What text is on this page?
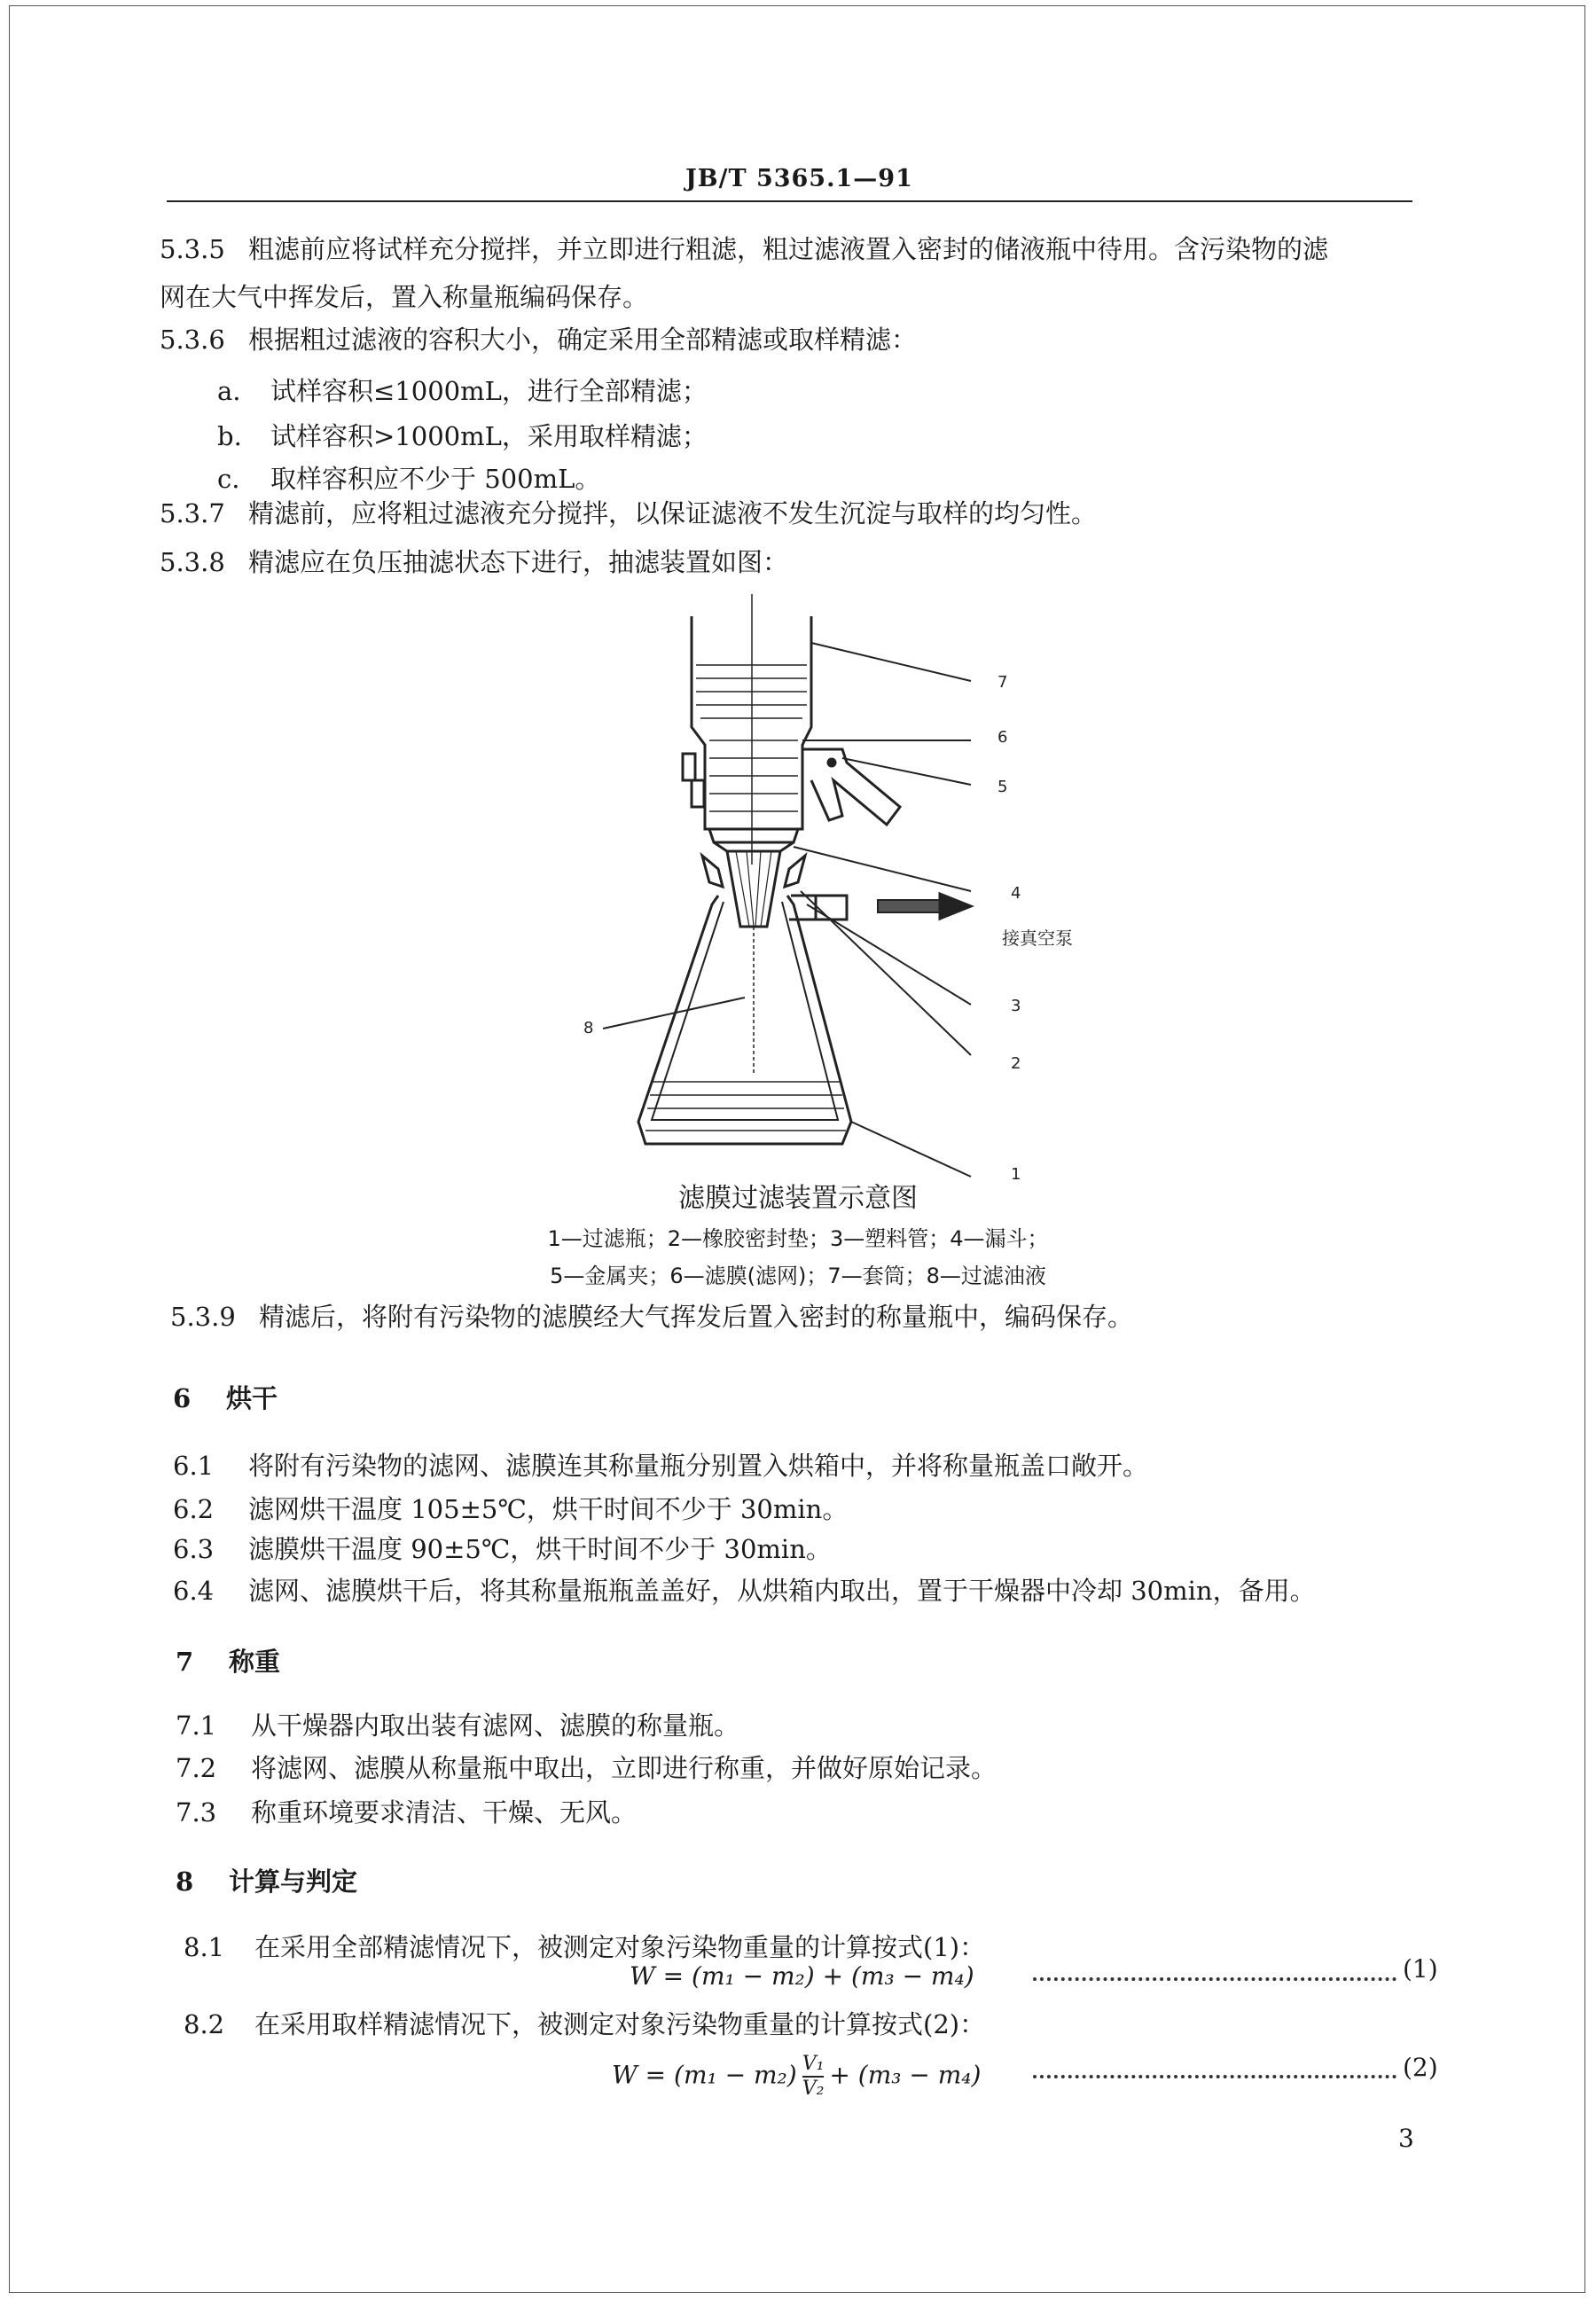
JB/T 5365.1—91
5.3.5 粗滤前应将试样充分搅拌，并立即进行粗滤，粗过滤液置入密封的储液瓶中待用。含污染物的滤
网在大气中挥发后，置入称量瓶编码保存。
5.3.6 根据粗过滤液的容积大小，确定采用全部精滤或取样精滤：
a. 试样容积≤1000mL，进行全部精滤；
b. 试样容积>1000mL，采用取样精滤；
c. 取样容积应不少于 500mL。
5.3.7 精滤前，应将粗过滤液充分搅拌，以保证滤液不发生沉淀与取样的均匀性。
5.3.8 精滤应在负压抽滤状态下进行，抽滤装置如图：
7
6
5
4
3
2
1
8
接真空泵
滤膜过滤装置示意图
1—过滤瓶；2—橡胶密封垫；3—塑料管；4—漏斗；
5—金属夹；6—滤膜(滤网)；7—套筒；8—过滤油液
5.3.9 精滤后，将附有污染物的滤膜经大气挥发后置入密封的称量瓶中，编码保存。
6 烘干
6.1 将附有污染物的滤网、滤膜连其称量瓶分别置入烘箱中，并将称量瓶盖口敞开。
6.2 滤网烘干温度 105±5℃，烘干时间不少于 30min。
6.3 滤膜烘干温度 90±5℃，烘干时间不少于 30min。
6.4 滤网、滤膜烘干后，将其称量瓶瓶盖盖好，从烘箱内取出，置于干燥器中冷却 30min，备用。
7 称重
7.1 从干燥器内取出装有滤网、滤膜的称量瓶。
7.2 将滤网、滤膜从称量瓶中取出，立即进行称重，并做好原始记录。
7.3 称重环境要求清洁、干燥、无风。
8 计算与判定
8.1 在采用全部精滤情况下，被测定对象污染物重量的计算按式(1)：
W = (m₁ − m₂) + (m₃ − m₄)	(1)
8.2 在采用取样精滤情况下，被测定对象污染物重量的计算按式(2)：
$W = (m_1 - m_2) \frac{\text{V₁}}{\text{V₂}} + (m_3 - m_4)$	(2)
3
